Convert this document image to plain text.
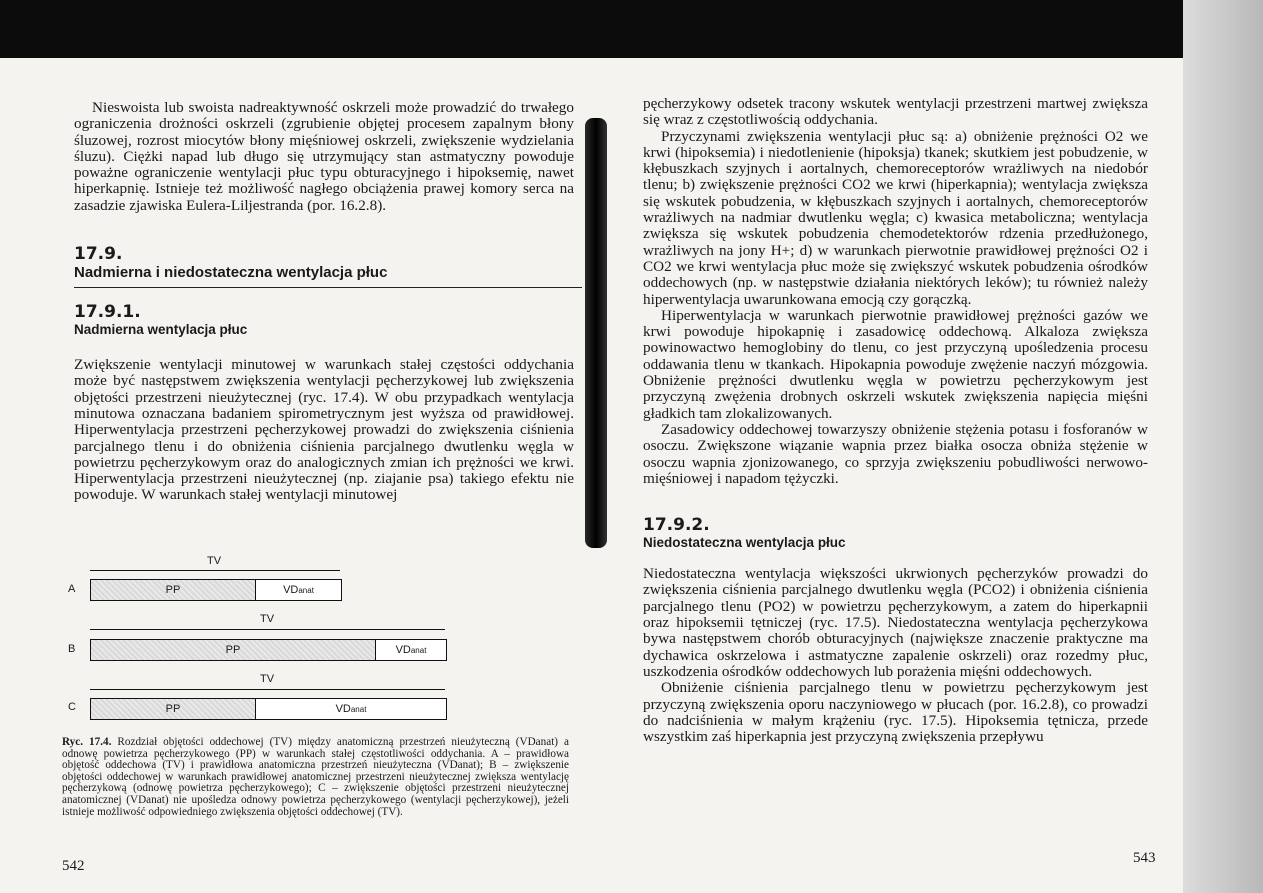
Nieswoista lub swoista nadreaktywność oskrzeli może prowadzić do trwałego ograniczenia drożności oskrzeli (zgrubienie objętej procesem zapalnym błony śluzowej, rozrost miocytów błony mięśniowej oskrzeli, zwiększenie wydzielania śluzu). Ciężki napad lub długo się utrzymujący stan astmatyczny powoduje poważne ograniczenie wentylacji płuc typu obturacyjnego i hipoksemię, nawet hiperkapnię. Istnieje też możliwość nagłego obciążenia prawej komory serca na zasadzie zjawiska Eulera-Liljestranda (por. 16.2.8).

17.9.
Nadmierna i niedostateczna wentylacja płuc
17.9.1.
Nadmierna wentylacja płuc

Zwiększenie wentylacji minutowej w warunkach stałej częstości oddychania może być następstwem zwiększenia wentylacji pęcherzykowej lub zwiększenia objętości przestrzeni nieużytecznej (ryc. 17.4). W obu przypadkach wentylacja minutowa oznaczana badaniem spirometrycznym jest wyższa od prawidłowej. Hiperwentylacja przestrzeni pęcherzykowej prowadzi do zwiększenia ciśnienia parcjalnego tlenu i do obniżenia ciśnienia parcjalnego dwutlenku węgla w powietrzu pęcherzykowym oraz do analogicznych zmian ich prężności we krwi. Hiperwentylacja przestrzeni nieużytecznej (np. ziajanie psa) takiego efektu nie powoduje. W warunkach stałej wentylacji minutowej

TV
A	PP	VD anat
TV
B	PP	VD anat
TV
C	PP	VD anat
Ryc. 17.4. Rozdział objętości oddechowej (TV) między anatomiczną przestrzeń nieużyteczną (VDanat) a odnowę powietrza pęcherzykowego (PP) w warunkach stałej częstotliwości oddychania. A – prawidłowa objętość oddechowa (TV) i prawidłowa anatomiczna przestrzeń nieużyteczna (VDanat); B – zwiększenie objętości oddechowej w warunkach prawidłowej anatomicznej przestrzeni nieużytecznej zwiększa wentylację pęcherzykową (odnowę powietrza pęcherzykowego); C – zwiększenie objętości przestrzeni nieużytecznej anatomicznej (VDanat) nie upośledza odnowy powietrza pęcherzykowego (wentylacji pęcherzykowej), jeżeli istnieje możliwość odpowiedniego zwiększenia objętości oddechowej (TV).
542

pęcherzykowy odsetek tracony wskutek wentylacji przestrzeni martwej zwiększa się wraz z częstotliwością oddychania.

Przyczynami zwiększenia wentylacji płuc są: a) obniżenie prężności O2 we krwi (hipoksemia) i niedotlenienie (hipoksja) tkanek; skutkiem jest pobudzenie, w kłębuszkach szyjnych i aortalnych, chemoreceptorów wrażliwych na niedobór tlenu; b) zwiększenie prężności CO2 we krwi (hiperkapnia); wentylacja zwiększa się wskutek pobudzenia, w kłębuszkach szyjnych i aortalnych, chemoreceptorów wrażliwych na nadmiar dwutlenku węgla; c) kwasica metaboliczna; wentylacja zwiększa się wskutek pobudzenia chemodetektorów rdzenia przedłużonego, wrażliwych na jony H+; d) w warunkach pierwotnie prawidłowej prężności O2 i CO2 we krwi wentylacja płuc może się zwiększyć wskutek pobudzenia ośrodków oddechowych (np. w następstwie działania niektórych leków); tu również należy hiperwentylacja uwarunkowana emocją czy gorączką.

Hiperwentylacja w warunkach pierwotnie prawidłowej prężności gazów we krwi powoduje hipokapnię i zasadowicę oddechową. Alkaloza zwiększa powinowactwo hemoglobiny do tlenu, co jest przyczyną upośledzenia procesu oddawania tlenu w tkankach. Hipokapnia powoduje zwężenie naczyń mózgowia. Obniżenie prężności dwutlenku węgla w powietrzu pęcherzykowym jest przyczyną zwężenia drobnych oskrzeli wskutek zwiększenia napięcia mięśni gładkich tam zlokalizowanych.

Zasadowicy oddechowej towarzyszy obniżenie stężenia potasu i fosforanów w osoczu. Zwiększone wiązanie wapnia przez białka osocza obniża stężenie w osoczu wapnia zjonizowanego, co sprzyja zwiększeniu pobudliwości nerwowo-mięśniowej i napadom tężyczki.

17.9.2.
Niedostateczna wentylacja płuc

Niedostateczna wentylacja większości ukrwionych pęcherzyków prowadzi do zwiększenia ciśnienia parcjalnego dwutlenku węgla (PCO2) i obniżenia ciśnienia parcjalnego tlenu (PO2) w powietrzu pęcherzykowym, a zatem do hiperkapnii oraz hipoksemii tętniczej (ryc. 17.5). Niedostateczna wentylacja pęcherzykowa bywa następstwem chorób obturacyjnych (największe znaczenie praktyczne ma dychawica oskrzelowa i astmatyczne zapalenie oskrzeli) oraz rozedmy płuc, uszkodzenia ośrodków oddechowych lub porażenia mięśni oddechowych.

Obniżenie ciśnienia parcjalnego tlenu w powietrzu pęcherzykowym jest przyczyną zwiększenia oporu naczyniowego w płucach (por. 16.2.8), co prowadzi do nadciśnienia w małym krążeniu (ryc. 17.5). Hipoksemia tętnicza, przede wszystkim zaś hiperkapnia jest przyczyną zwiększenia przepływu

543
